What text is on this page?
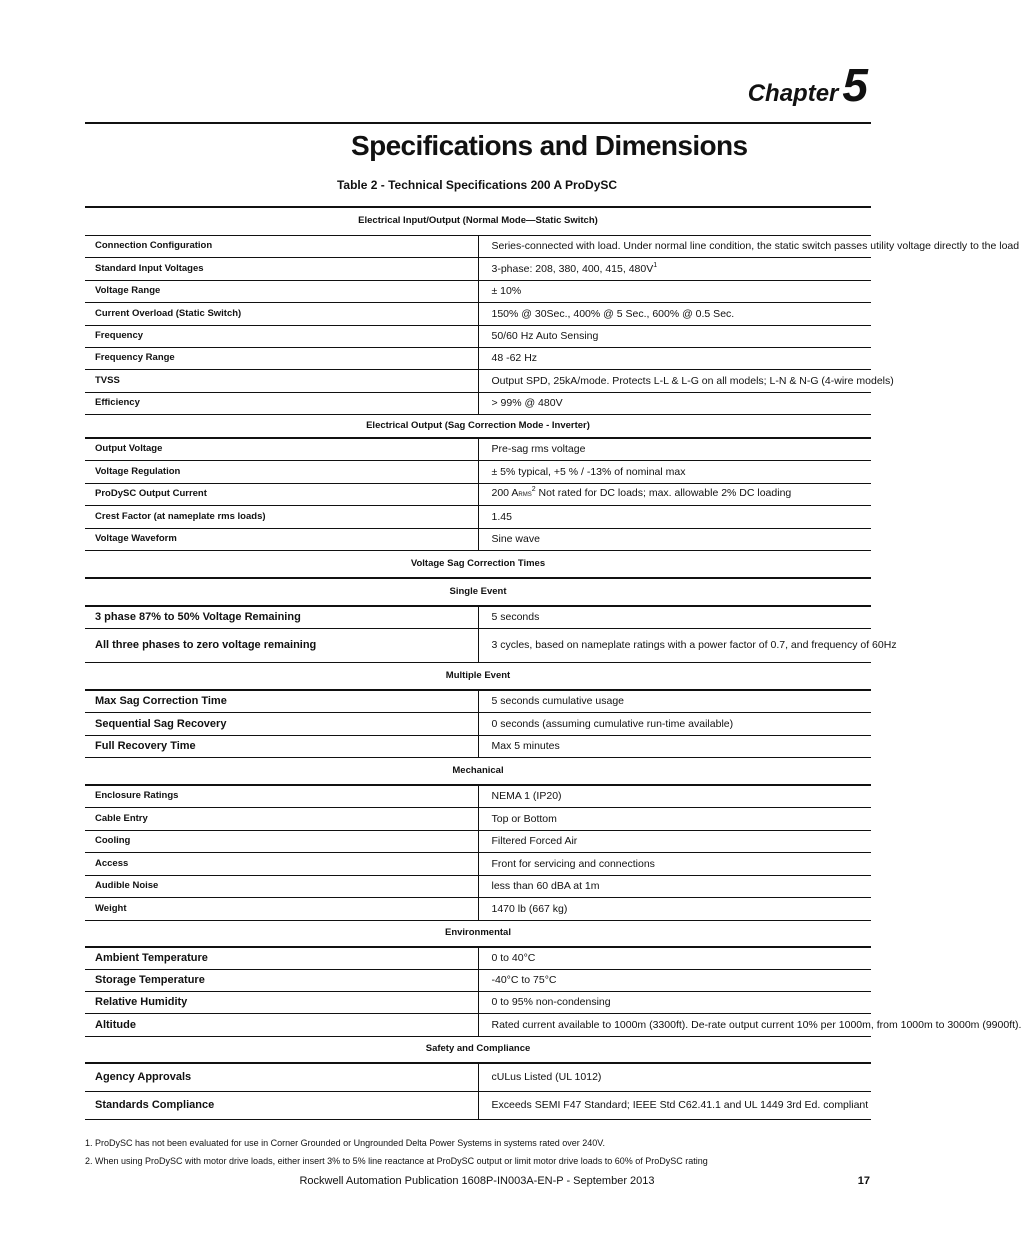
Chapter5
Specifications and Dimensions
Table 2 - Technical Specifications 200 A ProDySC
Electrical Input/Output (Normal Mode—Static Switch)	
Connection Configuration	Series-connected with load. Under normal line condition, the static switch passes utility voltage directly to the load
Standard Input Voltages	3-phase: 208, 380, 400, 415, $480V^1$
Voltage Range	± 10%
Current Overload (Static Switch)	150% @ 30Sec., 400% @ 5 Sec., 600% @ 0.5 Sec.
Frequency	50/60 Hz Auto Sensing
Frequency Range	48 -62 Hz
TVSS	Output SPD, 25kA/mode. Protects L-L & L-G on all models; L-N & N-G (4-wire models)
Efficiency	> 99% @ 480V
Electrical Output (Sag Correction Mode - Inverter)	
Output Voltage	Pre-sag rms voltage
Voltage Regulation	± 5% typical, +5 % / -13% of nominal max
ProDySC Output Current	200 ARMS$^2$ Not rated for DC loads; max. allowable 2% DC loading
Crest Factor (at nameplate rms loads)	1.45
Voltage Waveform	Sine wave
Voltage Sag Correction Times	
Single Event	
3 phase 87% to 50% Voltage Remaining	5 seconds
All three phases to zero voltage remaining	3 cycles, based on nameplate ratings with a power factor of 0.7, and frequency of 60Hz
Multiple Event	
Max Sag Correction Time	5 seconds cumulative usage
Sequential Sag Recovery	0 seconds (assuming cumulative run-time available)
Full Recovery Time	Max 5 minutes
Mechanical	
Enclosure Ratings	NEMA 1 (IP20)
Cable Entry	Top or Bottom
Cooling	Filtered Forced Air
Access	Front for servicing and connections
Audible Noise	less than 60 dBA at 1m
Weight	1470 lb (667 kg)
Environmental	
Ambient Temperature	0 to 40°C
Storage Temperature	-40°C to 75°C
Relative Humidity	0 to 95% non-condensing
Altitude	Rated current available to 1000m (3300ft). De-rate output current 10% per 1000m, from 1000m to 3000m (9900ft).
Safety and Compliance	
Agency Approvals	cULus Listed (UL 1012)
Standards Compliance	Exceeds SEMI F47 Standard; IEEE Std C62.41.1 and UL 1449 3rd Ed. compliant
1. ProDySC has not been evaluated for use in Corner Grounded or Ungrounded Delta Power Systems in systems rated over 240V.
2. When using ProDySC with motor drive loads, either insert 3% to 5% line reactance at ProDySC output or limit motor drive loads to 60% of ProDySC rating
Rockwell Automation Publication 1608P-IN003A-EN-P - September 2013	17
